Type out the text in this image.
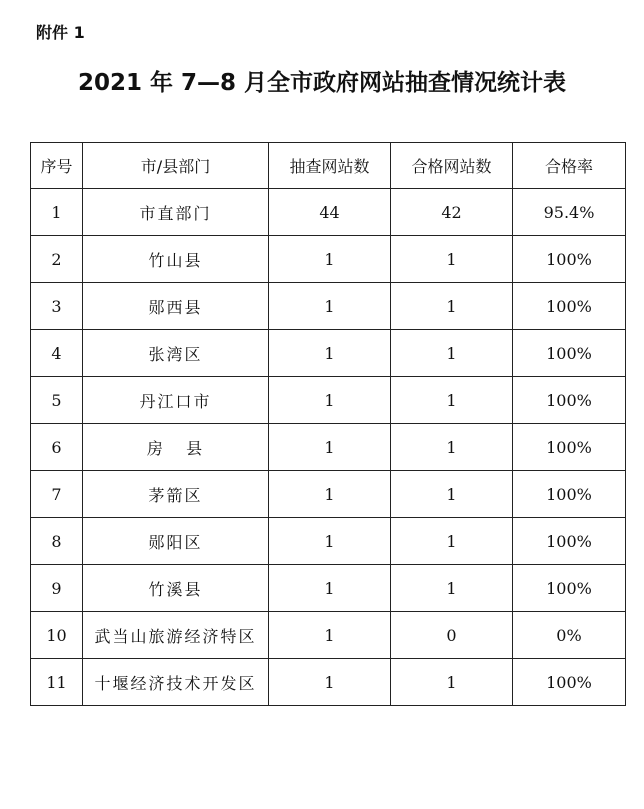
附件 1
2021 年 7—8 月全市政府网站抽查情况统计表
序号	市/县部门	抽查网站数	合格网站数	合格率
1	市直部门	44	42	95.4%
2	竹山县	1	1	100%
3	郧西县	1	1	100%
4	张湾区	1	1	100%
5	丹江口市	1	1	100%
6	房   县	1	1	100%
7	茅箭区	1	1	100%
8	郧阳区	1	1	100%
9	竹溪县	1	1	100%
10	武当山旅游经济特区	1	0	0%
11	十堰经济技术开发区	1	1	100%
